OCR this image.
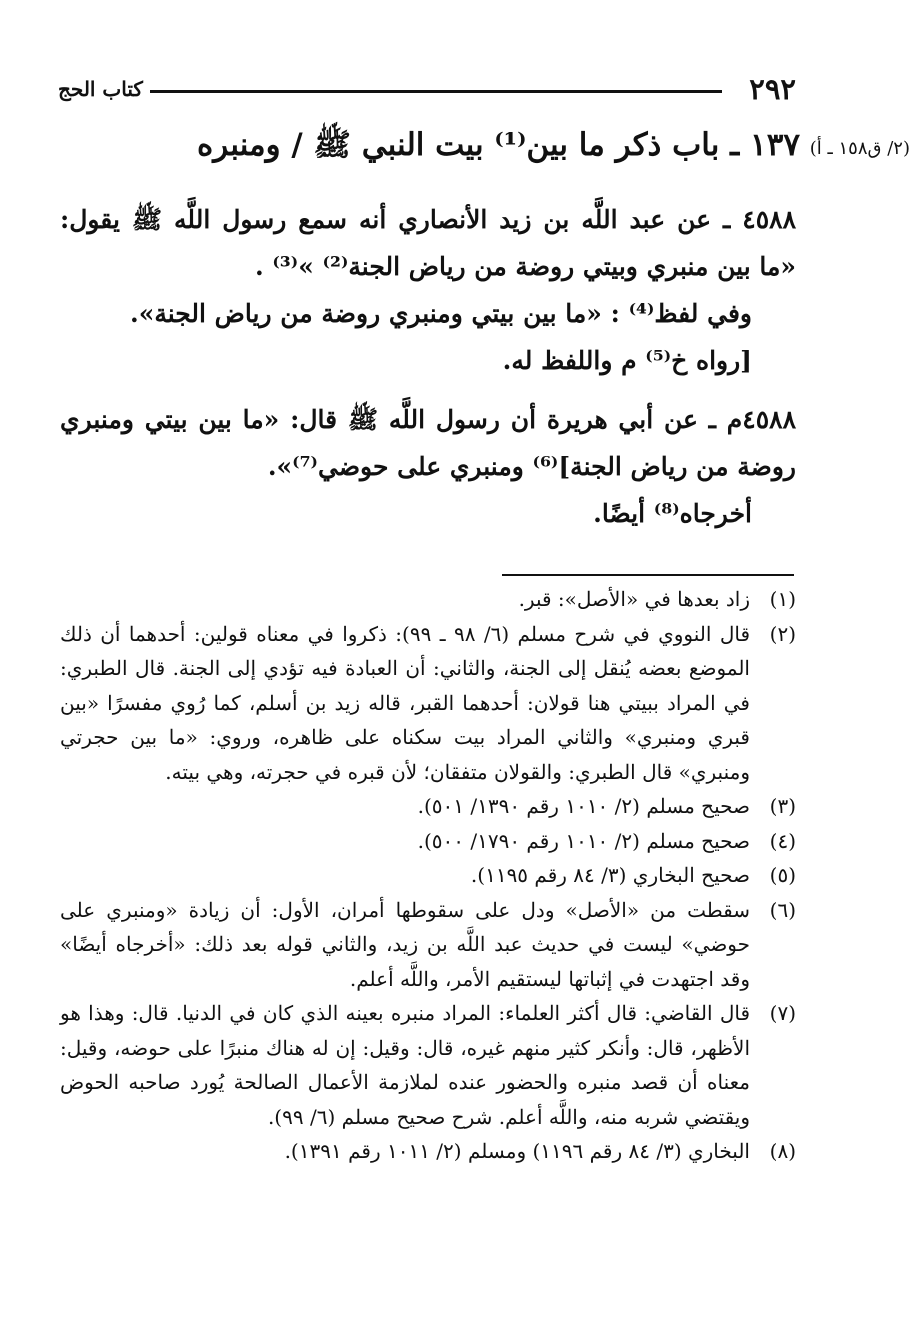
٢٩٢
كتاب الحج
١٣٧ ـ باب ذكر ما بين⁽¹⁾ بيت النبي ﷺ / ومنبره (٢/ ق١٥٨ ـ أ)

٤٥٨٨ ـ عن عبد اللَّه بن زيد الأنصاري أنه سمع رسول اللَّه ﷺ يقول: «ما بين منبري وبيتي روضة من رياض الجنة⁽²⁾ »⁽³⁾ .

وفي لفظ⁽⁴⁾ : «ما بين بيتي ومنبري روضة من رياض الجنة».

[رواه خ⁽⁵⁾ م واللفظ له.

٤٥٨٨م ـ عن أبي هريرة أن رسول اللَّه ﷺ قال: «ما بين بيتي ومنبري روضة من رياض الجنة]⁽⁶⁾ ومنبري على حوضي⁽⁷⁾».

أخرجاه⁽⁸⁾ أيضًا.

(١)
زاد بعدها في «الأصل»: قبر.
(٢)
قال النووي في شرح مسلم (٦/ ٩٨ ـ ٩٩): ذكروا في معناه قولين: أحدهما أن ذلك الموضع بعضه يُنقل إلى الجنة، والثاني: أن العبادة فيه تؤدي إلى الجنة. قال الطبري: في المراد ببيتي هنا قولان: أحدهما القبر، قاله زيد بن أسلم، كما رُوي مفسرًا «بين قبري ومنبري» والثاني المراد بيت سكناه على ظاهره، وروي: «ما بين حجرتي ومنبري» قال الطبري: والقولان متفقان؛ لأن قبره في حجرته، وهي بيته.
(٣)
صحيح مسلم (٢/ ١٠١٠ رقم ١٣٩٠/ ٥٠١).
(٤)
صحيح مسلم (٢/ ١٠١٠ رقم ١٧٩٠/ ٥٠٠).
(٥)
صحيح البخاري (٣/ ٨٤ رقم ١١٩٥).
(٦)
سقطت من «الأصل» ودل على سقوطها أمران، الأول: أن زيادة «ومنبري على حوضي» ليست في حديث عبد اللَّه بن زيد، والثاني قوله بعد ذلك: «أخرجاه أيضًا» وقد اجتهدت في إثباتها ليستقيم الأمر، واللَّه أعلم.
(٧)
قال القاضي: قال أكثر العلماء: المراد منبره بعينه الذي كان في الدنيا. قال: وهذا هو الأظهر، قال: وأنكر كثير منهم غيره، قال: وقيل: إن له هناك منبرًا على حوضه، وقيل: معناه أن قصد منبره والحضور عنده لملازمة الأعمال الصالحة يُورد صاحبه الحوض ويقتضي شربه منه، واللَّه أعلم. شرح صحيح مسلم (٦/ ٩٩).
(٨)
البخاري (٣/ ٨٤ رقم ١١٩٦) ومسلم (٢/ ١٠١١ رقم ١٣٩١).
